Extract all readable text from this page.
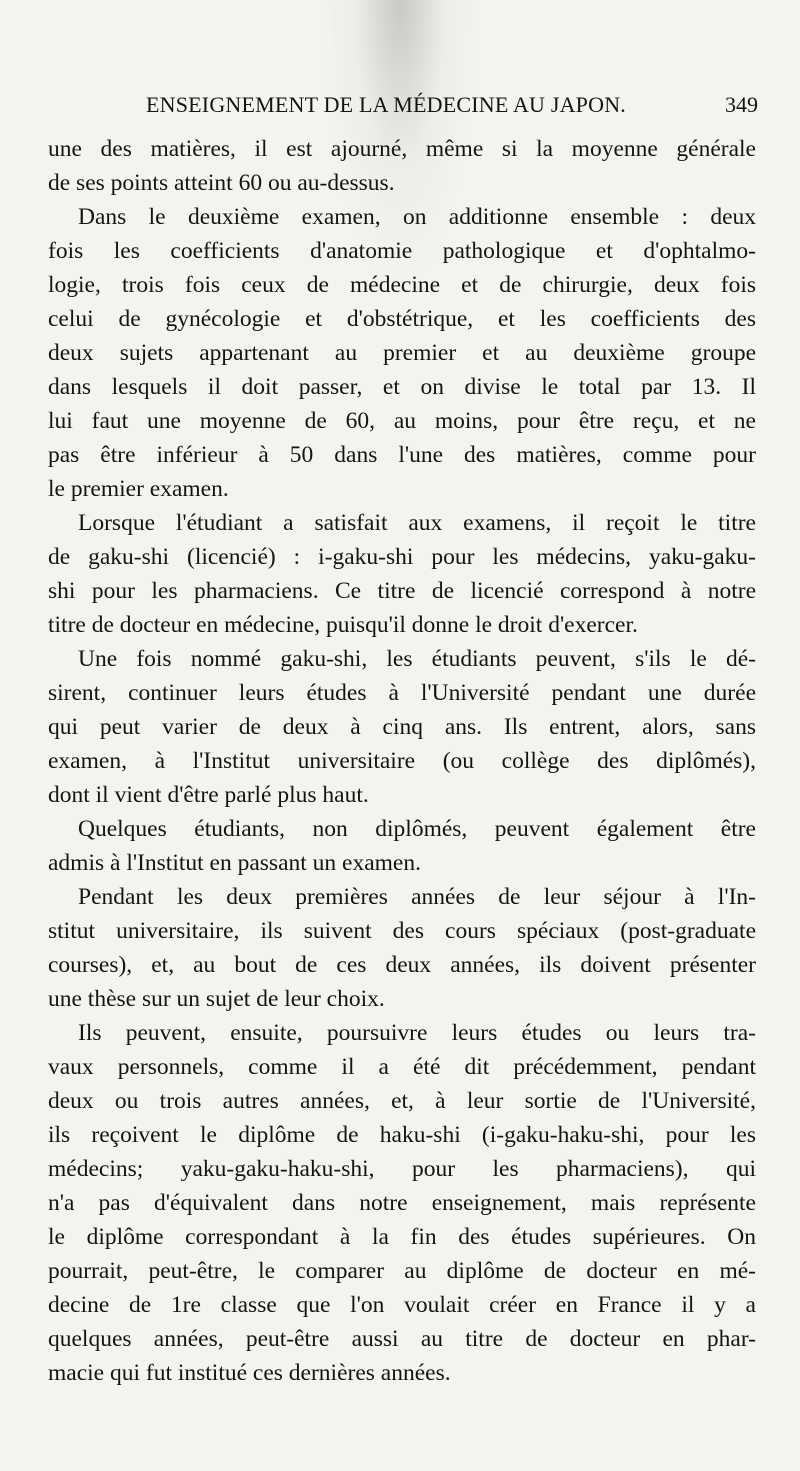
ENSEIGNEMENT DE LA MÉDECINE AU JAPON.	349
une des matières, il est ajourné, même si la moyenne générale
de ses points atteint 60 ou au-dessus.
Dans le deuxième examen, on additionne ensemble : deux
fois les coefficients d'anatomie pathologique et d'ophtalmo-
logie, trois fois ceux de médecine et de chirurgie, deux fois
celui de gynécologie et d'obstétrique, et les coefficients des
deux sujets appartenant au premier et au deuxième groupe
dans lesquels il doit passer, et on divise le total par 13. Il
lui faut une moyenne de 60, au moins, pour être reçu, et ne
pas être inférieur à 50 dans l'une des matières, comme pour
le premier examen.
Lorsque l'étudiant a satisfait aux examens, il reçoit le titre
de gaku-shi (licencié) : i-gaku-shi pour les médecins, yaku-gaku-
shi pour les pharmaciens. Ce titre de licencié correspond à notre
titre de docteur en médecine, puisqu'il donne le droit d'exercer.
Une fois nommé gaku-shi, les étudiants peuvent, s'ils le dé-
sirent, continuer leurs études à l'Université pendant une durée
qui peut varier de deux à cinq ans. Ils entrent, alors, sans
examen, à l'Institut universitaire (ou collège des diplômés),
dont il vient d'être parlé plus haut.
Quelques étudiants, non diplômés, peuvent également être
admis à l'Institut en passant un examen.
Pendant les deux premières années de leur séjour à l'In-
stitut universitaire, ils suivent des cours spéciaux (post-graduate
courses), et, au bout de ces deux années, ils doivent présenter
une thèse sur un sujet de leur choix.
Ils peuvent, ensuite, poursuivre leurs études ou leurs tra-
vaux personnels, comme il a été dit précédemment, pendant
deux ou trois autres années, et, à leur sortie de l'Université,
ils reçoivent le diplôme de haku-shi (i-gaku-haku-shi, pour les
médecins; yaku-gaku-haku-shi, pour les pharmaciens), qui
n'a pas d'équivalent dans notre enseignement, mais représente
le diplôme correspondant à la fin des études supérieures. On
pourrait, peut-être, le comparer au diplôme de docteur en mé-
decine de 1re classe que l'on voulait créer en France il y a
quelques années, peut-être aussi au titre de docteur en phar-
macie qui fut institué ces dernières années.
